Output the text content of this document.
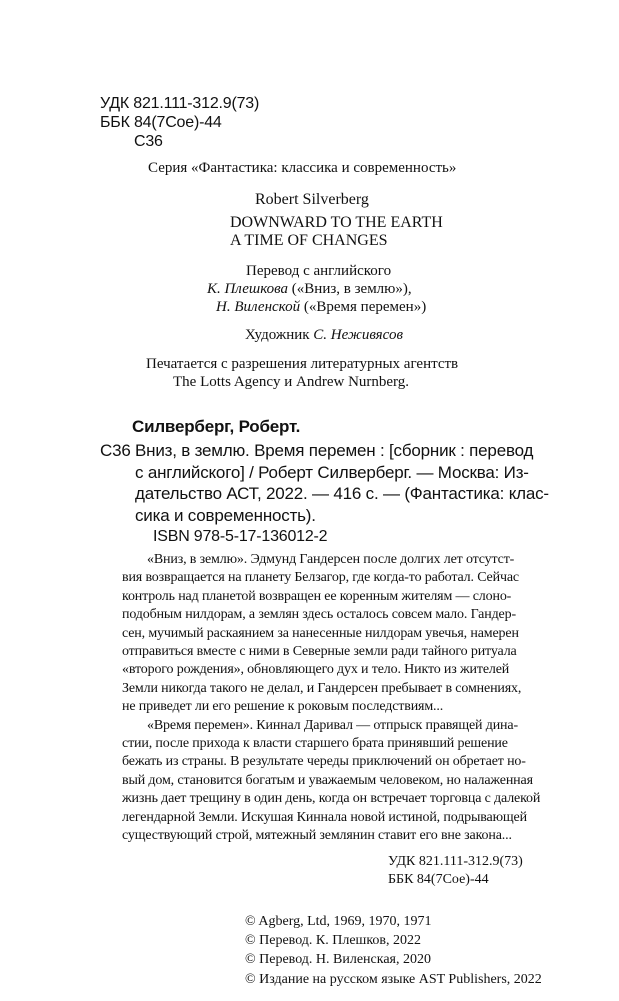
УДК 821.111-312.9(73)
ББК 84(7Сое)-44
С36
Серия «Фантастика: классика и современность»
Robert Silverberg
DOWNWARD TO THE EARTH
A TIME OF CHANGES
Перевод с английского
К. Плешкова («Вниз, в землю»),
Н. Виленской («Время перемен»)
Художник С. Неживясов
Печатается с разрешения литературных агентств
The Lotts Agency и Andrew Nurnberg.
Силверберг, Роберт.
С36 Вниз, в землю. Время перемен : [сборник : перевод
с английского] / Роберт Силверберг. — Москва: Из-
дательство АСТ, 2022. — 416 с. — (Фантастика: клас-
сика и современность).
ISBN 978-5-17-136012-2
«Вниз, в землю». Эдмунд Гандерсен после долгих лет отсутст-
вия возвращается на планету Белзагор, где когда-то работал. Сейчас
контроль над планетой возвращен ее коренным жителям — слоно-
подобным нилдорам, а землян здесь осталось совсем мало. Гандер-
сен, мучимый раскаянием за нанесенные нилдорам увечья, намерен
отправиться вместе с ними в Северные земли ради тайного ритуала
«второго рождения», обновляющего дух и тело. Никто из жителей
Земли никогда такого не делал, и Гандерсен пребывает в сомнениях,
не приведет ли его решение к роковым последствиям...
«Время перемен». Киннал Даривал — отпрыск правящей дина-
стии, после прихода к власти старшего брата принявший решение
бежать из страны. В результате череды приключений он обретает но-
вый дом, становится богатым и уважаемым человеком, но налаженная
жизнь дает трещину в один день, когда он встречает торговца с далекой
легендарной Земли. Искушая Киннала новой истиной, подрывающей
существующий строй, мятежный землянин ставит его вне закона...
УДК 821.111-312.9(73)
ББК 84(7Сое)-44
© Agberg, Ltd, 1969, 1970, 1971
© Перевод. К. Плешков, 2022
© Перевод. Н. Виленская, 2020
© Издание на русском языке AST Publishers, 2022
